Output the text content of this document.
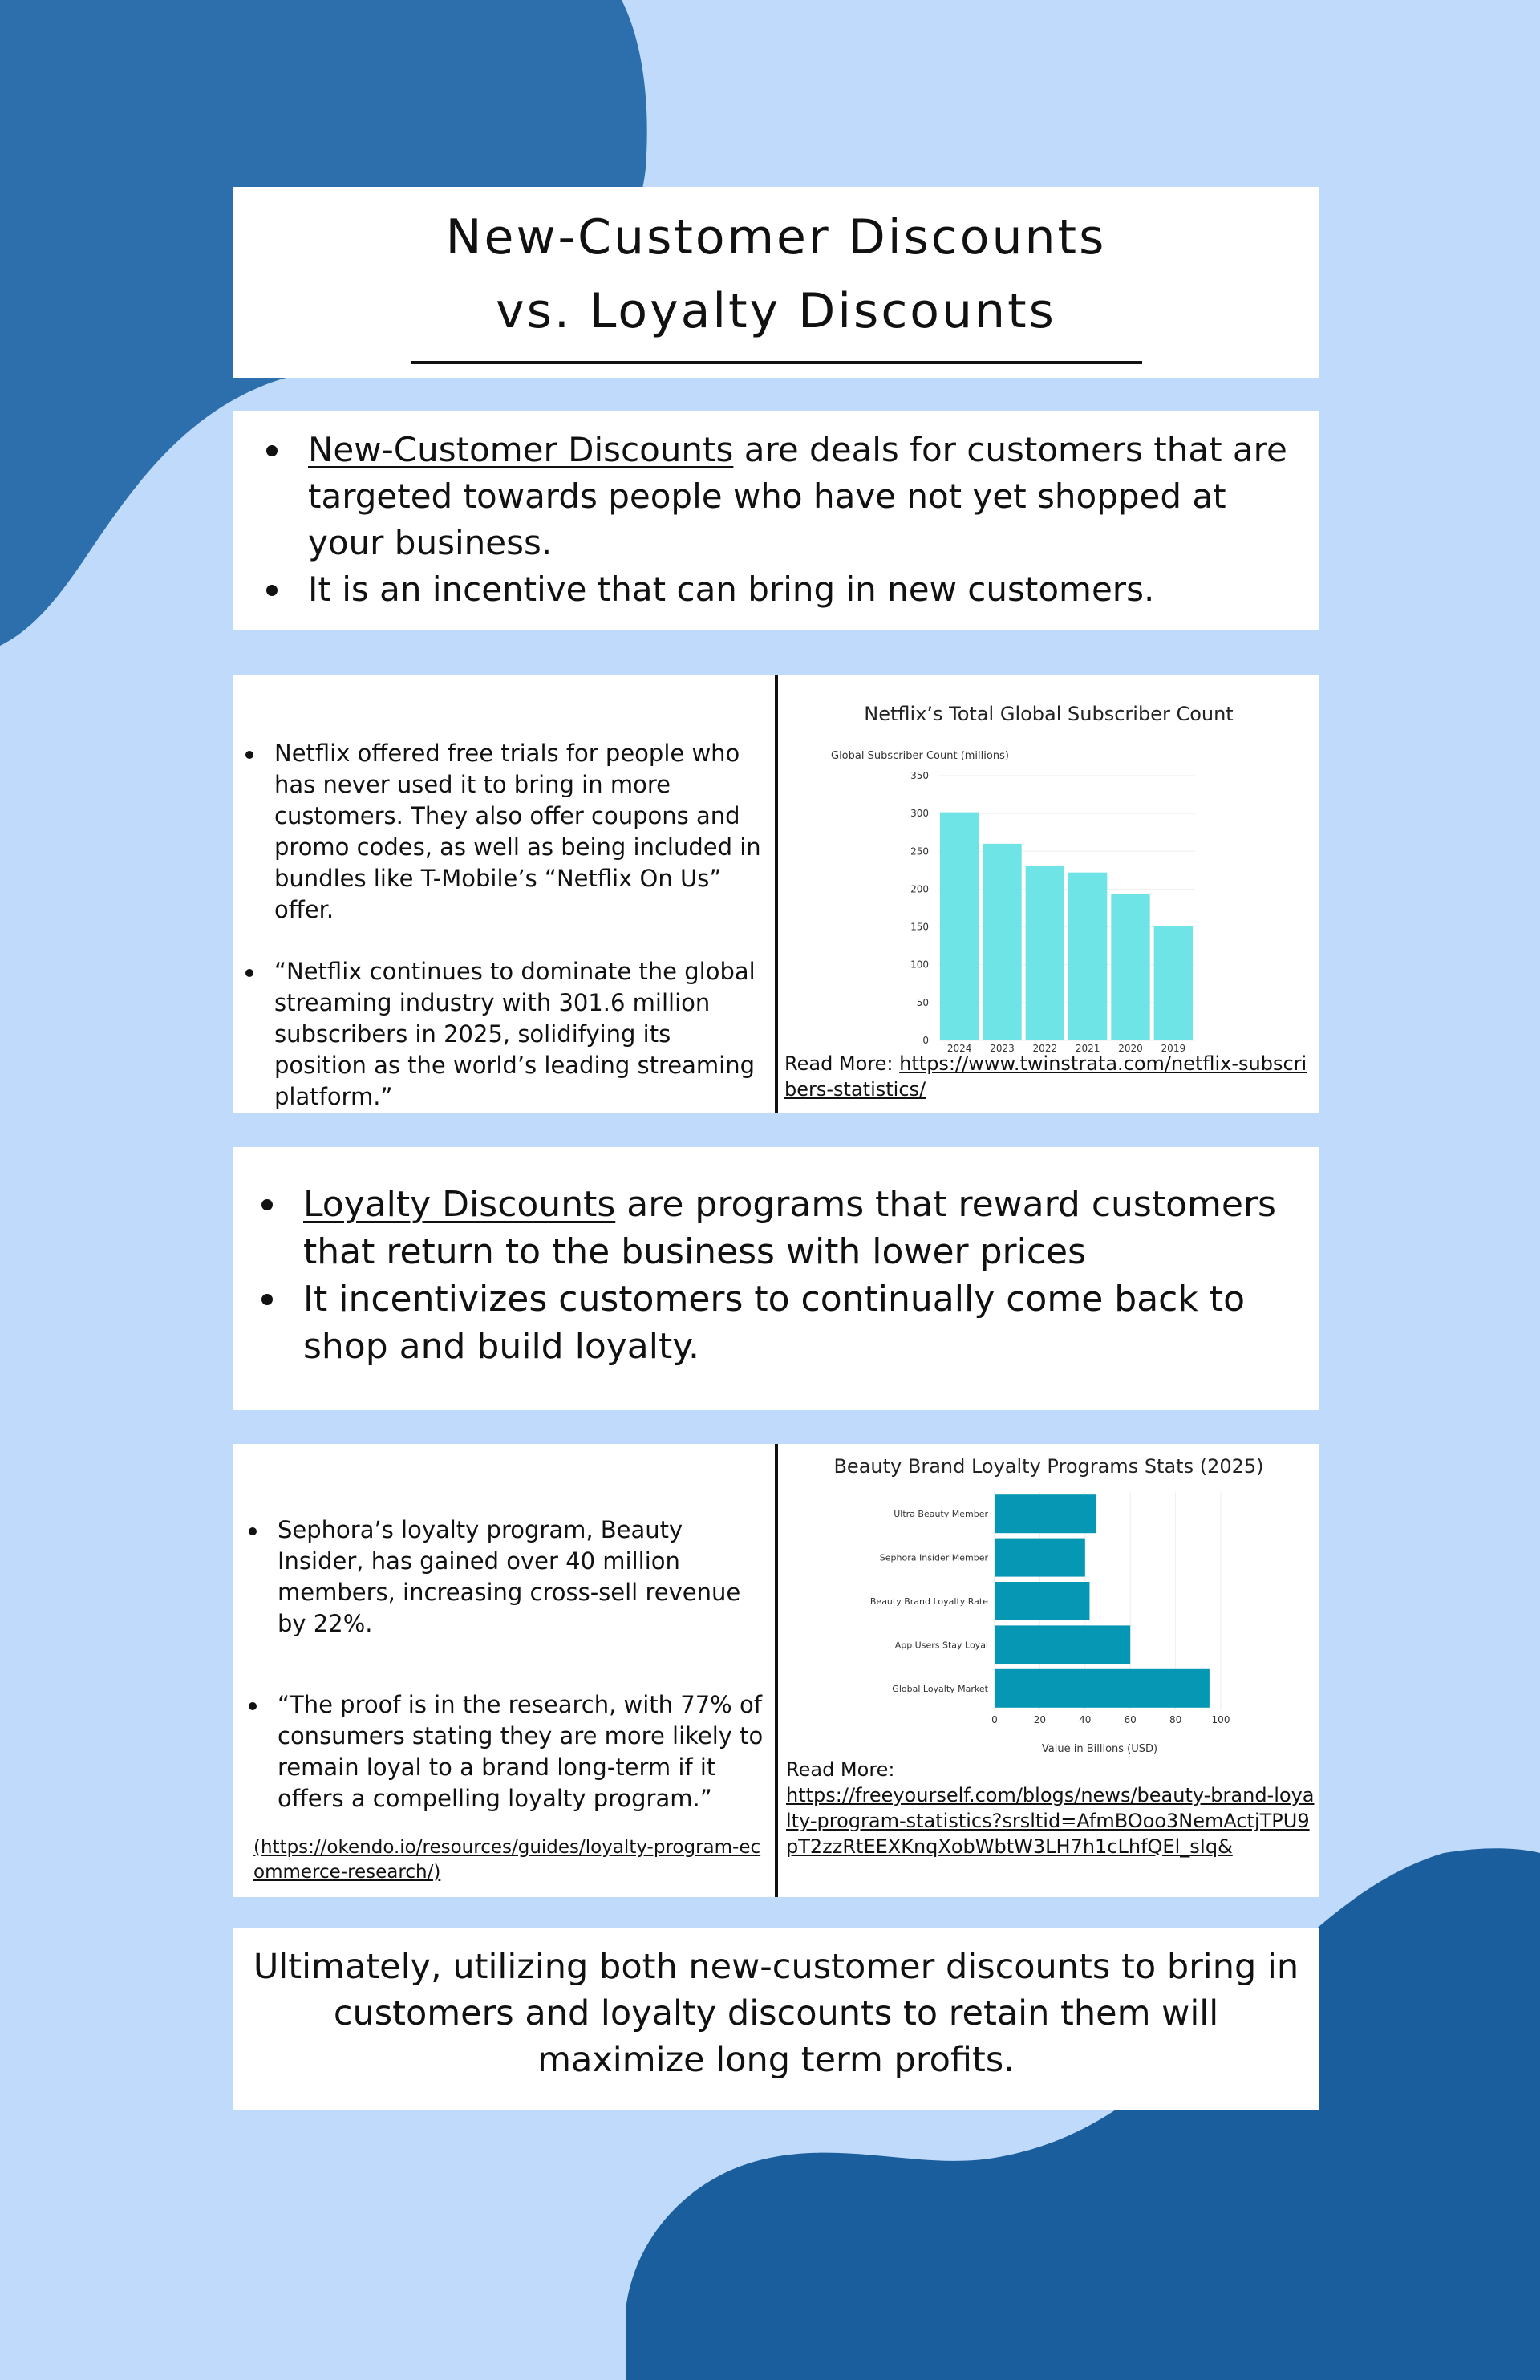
New-Customer Discounts
vs. Loyalty Discounts
New-Customer Discounts are deals for customers that are targeted towards people who have not yet shopped at your business.
It is an incentive that can bring in new customers.
Netflix offered free trials for people who has never used it to bring in more customers. They also offer coupons and promo codes, as well as being included in bundles like T-Mobile’s “Netflix On Us” offer.
“Netflix continues to dominate the global streaming industry with 301.6 million subscribers in 2025, solidifying its position as the world’s leading streaming platform.”
Netflix’s Total Global Subscriber Count
Global Subscriber Count (millions)
0
50
100
150
200
250
300
350
2024 2023 2022 2021 2020 2019
Read More: https://www.twinstrata.com/netflix-subscribers-statistics/
Loyalty Discounts are programs that reward customers that return to the business with lower prices
It incentivizes customers to continually come back to shop and build loyalty.
Sephora’s loyalty program, Beauty Insider, has gained over 40 million members, increasing cross-sell revenue by 22%.
“The proof is in the research, with 77% of consumers stating they are more likely to remain loyal to a brand long-term if it offers a compelling loyalty program.”
(https://okendo.io/resources/guides/loyalty-program-ecommerce-research/)
Beauty Brand Loyalty Programs Stats (2025)
0	20	40	60	80	100
Ultra Beauty Member
Sephora Insider Member
Beauty Brand Loyalty Rate
App Users Stay Loyal
Global Loyalty Market
Value in Billions (USD)
Read More:
https://freeyourself.com/blogs/news/beauty-brand-loyalty-program-statistics?srsltid=AfmBOoo3NemActjTPU9pT2zzRtEEXKnqXobWbtW3LH7h1cLhfQEl_sIq&
Ultimately, utilizing both new-customer discounts to bring in customers and loyalty discounts to retain them will maximize long term profits.
